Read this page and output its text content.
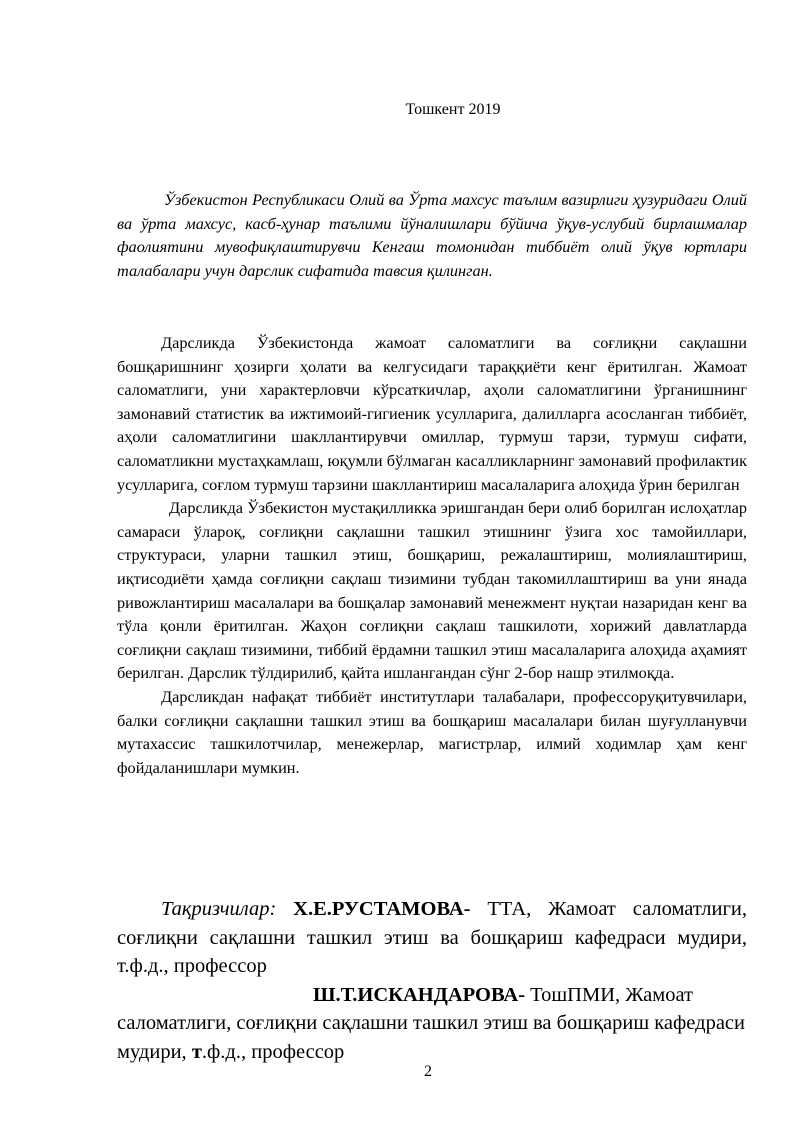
Тошкент 2019

Ўзбекистон Республикаси Олий ва Ўрта махсус таълим вазирлиги ҳузуридаги Олий ва ўрта махсус, касб-ҳунар таълими йўналишлари бўйича ўқув-услубий бирлашмалар фаолиятини мувофиқлаштирувчи Кенгаш томонидан тиббиёт олий ўқув юртлари талабалари учун дарслик сифатида тавсия қилинган.

Дарсликда Ўзбекистонда жамоат саломатлиги ва соғлиқни сақлашни бошқаришнинг ҳозирги ҳолати ва келгусидаги тараққиёти кенг ёритилган. Жамоат саломатлиги, уни характерловчи кўрсаткичлар, аҳоли саломатлигини ўрганишнинг замонавий статистик ва ижтимоий-гигиеник усулларига, далилларга асосланган тиббиёт, аҳоли саломатлигини шакллантирувчи омиллар, турмуш тарзи, турмуш сифати, саломатликни мустаҳкамлаш, юқумли бўлмаган касалликларнинг замонавий профилактик усулларига, соғлом турмуш тарзини шакллантириш масалаларига алоҳида ўрин берилган

Дарсликда Ўзбекистон мустақилликка эришгандан бери олиб борилган ислоҳатлар самараси ўлароқ, соғлиқни сақлашни ташкил этишнинг ўзига хос тамойиллари, структураси, уларни ташкил этиш, бошқариш, режалаштириш, молиялаштириш, иқтисодиёти ҳамда соғлиқни сақлаш тизимини тубдан такомиллаштириш ва уни янада ривожлантириш масалалари ва бошқалар замонавий менежмент нуқтаи назаридан кенг ва тўла қонли ёритилган. Жаҳон соғлиқни сақлаш ташкилоти, хорижий давлатларда соғлиқни сақлаш тизимини, тиббий ёрдамни ташкил этиш масалаларига алоҳида аҳамият берилган. Дарслик тўлдирилиб, қайта ишлангандан сўнг 2-бор нашр этилмоқда.

Дарсликдан нафақат тиббиёт институтлари талабалари, профессоруқитувчилари, балки соғлиқни сақлашни ташкил этиш ва бошқариш масалалари билан шуғулланувчи мутахассис ташкилотчилар, менежерлар, магистрлар, илмий ходимлар ҳам кенг фойдаланишлари мумкин.

Тақризчилар: Х.Е.РУСТАМОВА- ТТА, Жамоат саломатлиги, соғлиқни сақлашни ташкил этиш ва бошқариш кафедраси мудири, т.ф.д., профессор

Ш.Т.ИСКАНДАРОВА- ТошПМИ, Жамоат саломатлиги, соғлиқни сақлашни ташкил этиш ва бошқариш кафедраси мудири, т.ф.д., профессор

2
